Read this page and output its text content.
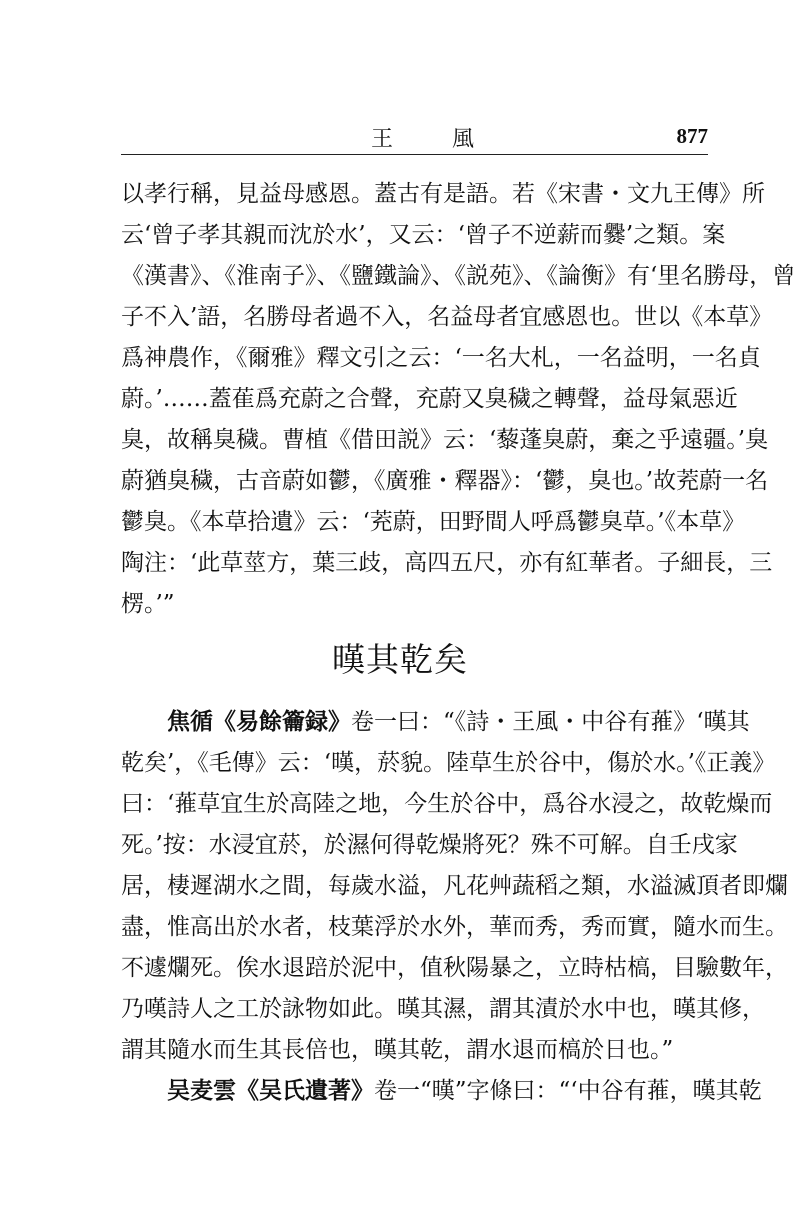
王 風	877
以孝行稱，見益母感恩。蓋古有是語。若《宋書・文九王傳》所
云‘曾子孝其親而沈於水’，又云：‘曾子不逆薪而爨’之類。案
《漢書》、《淮南子》、《鹽鐵論》、《説苑》、《論衡》有‘里名勝母，曾
子不入’語，名勝母者過不入，名益母者宜感恩也。世以《本草》
爲神農作，《爾雅》釋文引之云：‘一名大札，一名益明，一名貞
蔚。’……蓋萑爲充蔚之合聲，充蔚又臭穢之轉聲，益母氣惡近
臭，故稱臭穢。曹植《借田説》云：‘藜蓬臭蔚，棄之乎遠疆。’臭
蔚猶臭穢，古音蔚如鬱，《廣雅・釋器》：‘鬱，臭也。’故茺蔚一名
鬱臭。《本草拾遺》云：‘茺蔚，田野間人呼爲鬱臭草。’《本草》
陶注：‘此草莖方，葉三歧，高四五尺，亦有紅華者。子細長，三
楞。’”
暵其乾矣
焦循《易餘籥録》卷一曰：“《詩・王風・中谷有蓷》‘暵其
乾矣’，《毛傳》云：‘暵，菸貌。陸草生於谷中，傷於水。’《正義》
曰：‘蓷草宜生於高陸之地，今生於谷中，爲谷水浸之，故乾燥而
死。’按：水浸宜菸，於濕何得乾燥將死？殊不可解。自壬戌家
居，棲遲湖水之間，每歲水溢，凡花艸蔬稻之類，水溢滅頂者即爛
盡，惟高出於水者，枝葉浮於水外，華而秀，秀而實，隨水而生。
不遽爛死。俟水退踣於泥中，值秋陽暴之，立時枯槁，目驗數年，
乃嘆詩人之工於詠物如此。暵其濕，謂其漬於水中也，暵其修，
謂其隨水而生其長倍也，暵其乾，謂水退而槁於日也。”
吴麦雲《吴氏遺著》卷一“暵”字條曰：“‘中谷有蓷，暵其乾
